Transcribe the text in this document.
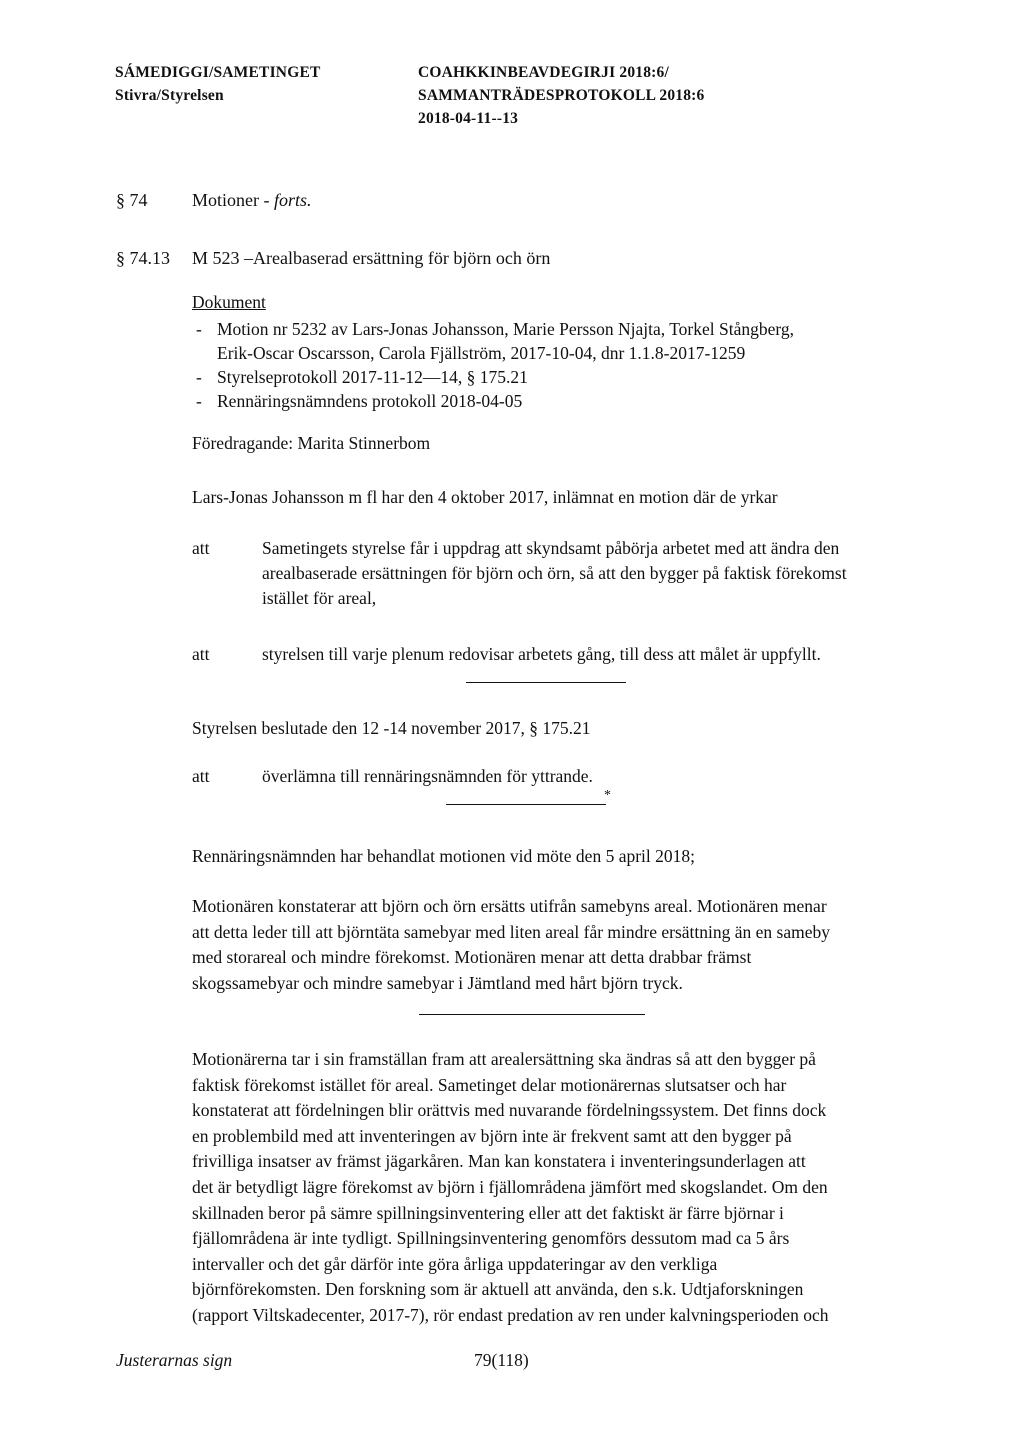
SÁMEDIGGI/SAMETINGET
Stivra/Styrelsen
COAHKKINBEAVDEGIRJI 2018:6/
SAMMANTRÄDESPROTOKOLL 2018:6
2018-04-11--13
§ 74 Motioner - forts.
§ 74.13 M 523 –Arealbaserad ersättning för björn och örn
Dokument
- Motion nr 5232 av Lars-Jonas Johansson, Marie Persson Njajta, Torkel Stångberg,
Erik-Oscar Oscarsson, Carola Fjällström, 2017-10-04, dnr 1.1.8-2017-1259
- Styrelseprotokoll 2017-11-12—14, § 175.21
- Rennäringsnämndens protokoll 2018-04-05
Föredragande: Marita Stinnerbom
Lars-Jonas Johansson m fl har den 4 oktober 2017, inlämnat en motion där de yrkar
att	Sametingets styrelse får i uppdrag att skyndsamt påbörja arbetet med att ändra den
arealbaserade ersättningen för björn och örn, så att den bygger på faktisk förekomst
istället för areal,
att	styrelsen till varje plenum redovisar arbetets gång, till dess att målet är uppfyllt.
Styrelsen beslutade den 12 -14 november 2017, § 175.21
att	överlämna till rennäringsnämnden för yttrande.
*
Rennäringsnämnden har behandlat motionen vid möte den 5 april 2018;
Motionären konstaterar att björn och örn ersätts utifrån samebyns areal. Motionären menar
att detta leder till att björntäta samebyar med liten areal får mindre ersättning än en sameby
med storareal och mindre förekomst. Motionären menar att detta drabbar främst
skogssamebyar och mindre samebyar i Jämtland med hårt björn tryck.
Motionärerna tar i sin framställan fram att arealersättning ska ändras så att den bygger på
faktisk förekomst istället för areal. Sametinget delar motionärernas slutsatser och har
konstaterat att fördelningen blir orättvis med nuvarande fördelningssystem. Det finns dock
en problembild med att inventeringen av björn inte är frekvent samt att den bygger på
frivilliga insatser av främst jägarkåren. Man kan konstatera i inventeringsunderlagen att
det är betydligt lägre förekomst av björn i fjällområdena jämfört med skogslandet. Om den
skillnaden beror på sämre spillningsinventering eller att det faktiskt är färre björnar i
fjällområdena är inte tydligt. Spillningsinventering genomförs dessutom mad ca 5 års
intervaller och det går därför inte göra årliga uppdateringar av den verkliga
björnförekomsten. Den forskning som är aktuell att använda, den s.k. Udtjaforskningen
(rapport Viltskadecenter, 2017-7), rör endast predation av ren under kalvningsperioden och
Justerarnas sign	79(118)
